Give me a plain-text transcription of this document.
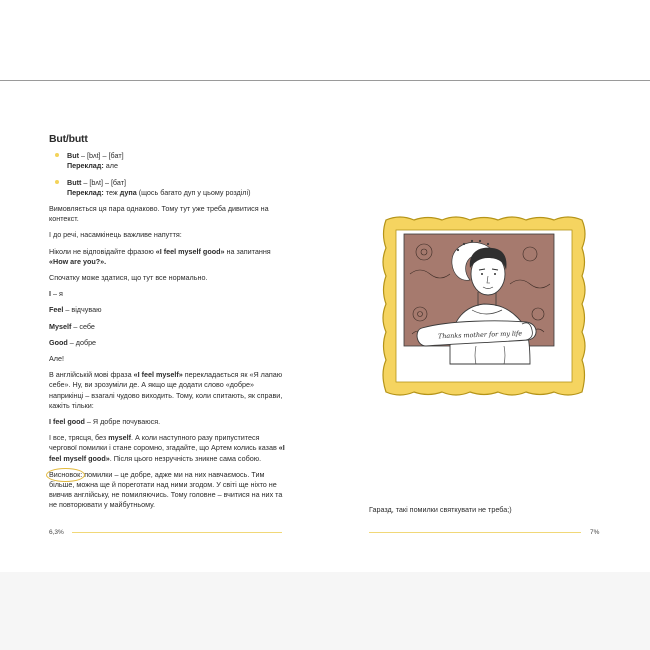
But/butt
But – [bʌt] – [бат]
Переклад: але
Butt – [bʌt] – [бат]
Переклад: теж дупа (щось багато дуп у цьому розділі)

Вимовляється ця пара однаково. Тому тут уже треба дивитися на контекст.

І до речі, насамкінець важливе напуття:

Ніколи не відповідайте фразою «I feel myself good» на запитання «How are you?».

Спочатку може здатися, що тут все нормально.

I – я

Feel – відчуваю

Myself – себе

Good – добре

Але!

В англійській мові фраза «I feel myself» перекладається як «Я лапаю себе». Ну, ви зрозуміли де. А якщо ще додати слово «добре» наприкінці – взагалі чудово виходить. Тому, коли спитають, як справи, кажіть тільки:

I feel good – Я добре почуваюся.

І все, трясця, без myself. А коли наступного разу припуститеся чергової помилки і стане соромно, згадайте, що Артем колись казав «I feel myself good». Після цього незручність зникне сама собою.

Висновок: помилки – це добре, адже ми на них навчаємось. Тим більше, можна ще й пореготати над ними згодом. У світі ще ніхто не вивчив англійську, не помиляючись. Тому головне – вчитися на них та не повторювати у майбутньому.

6,3%
Гаразд, такі помилки святкувати не треба;)
7%
Thanks mother for my life
